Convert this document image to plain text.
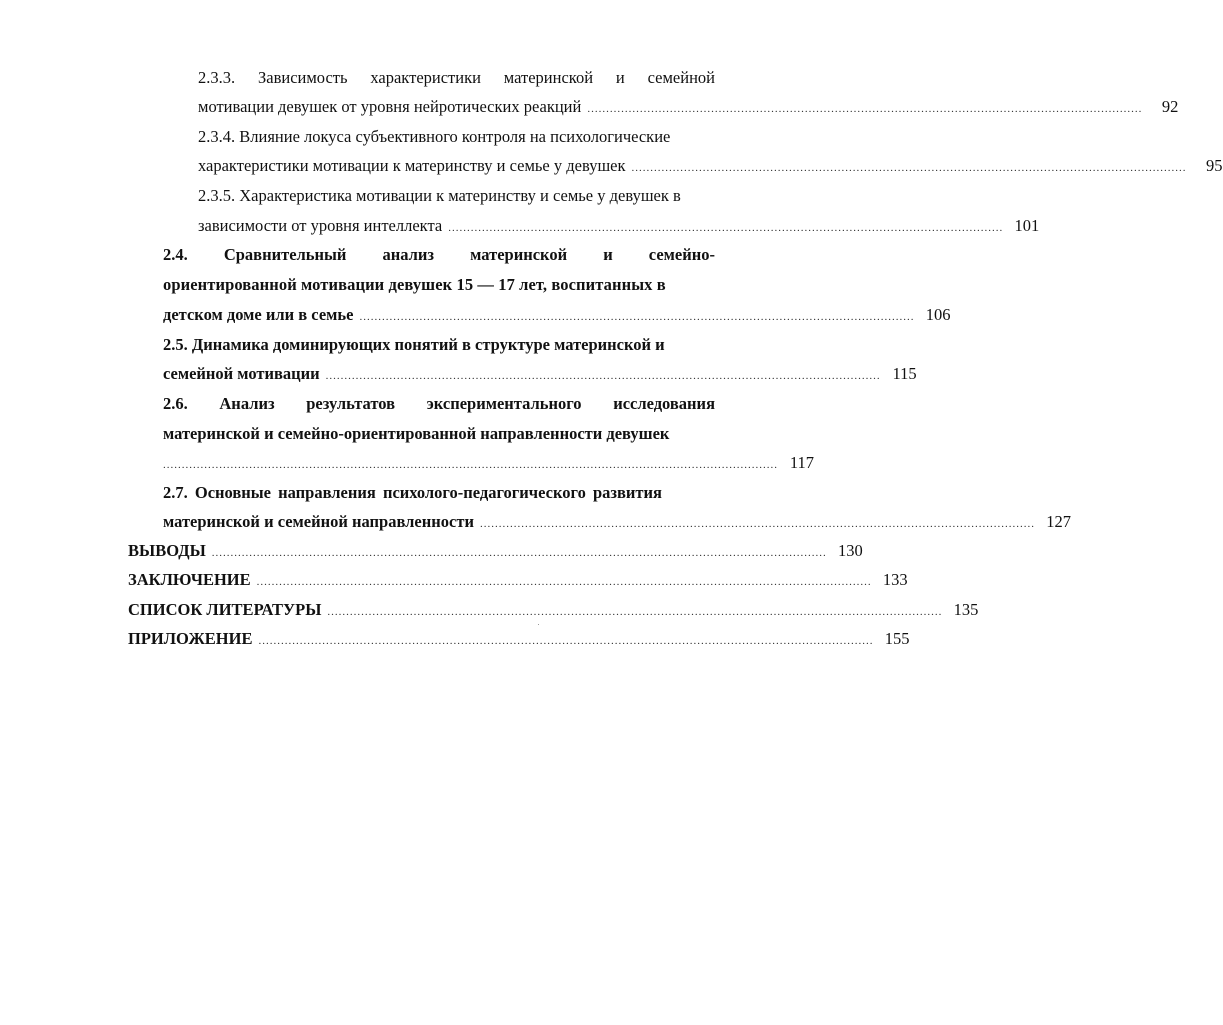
2.3.3. Зависимость характеристики материнской и семейной
мотивации девушек от уровня нейротических реакций ....................................................................................................................................................	92
2.3.4. Влияние локуса субъективного контроля на психологические
характеристики мотивации к материнству и семье у девушек ....................................................................................................................................................	95
2.3.5. Характеристика мотивации к материнству и семье у девушек в
зависимости от уровня интеллекта .................................................................................................................................................... 101
2.4. Сравнительный анализ материнской и семейно-
ориентированной мотивации девушек 15 — 17 лет, воспитанных в
детском доме или в семье .................................................................................................................................................... 106
2.5. Динамика доминирующих понятий в структуре материнской и
семейной мотивации .................................................................................................................................................... 115
2.6. Анализ результатов экспериментального исследования
материнской и семейно-ориентированной направленности девушек
.................................................................................................................................................................... 117
2.7. Основные направления психолого-педагогического развития
материнской и семейной направленности .................................................................................................................................................... 127
ВЫВОДЫ .................................................................................................................................................................... 130
ЗАКЛЮЧЕНИЕ .................................................................................................................................................................... 133
СПИСОК ЛИТЕРАТУРЫ .................................................................................................................................................................... 135
ПРИЛОЖЕНИЕ .................................................................................................................................................................... 155
